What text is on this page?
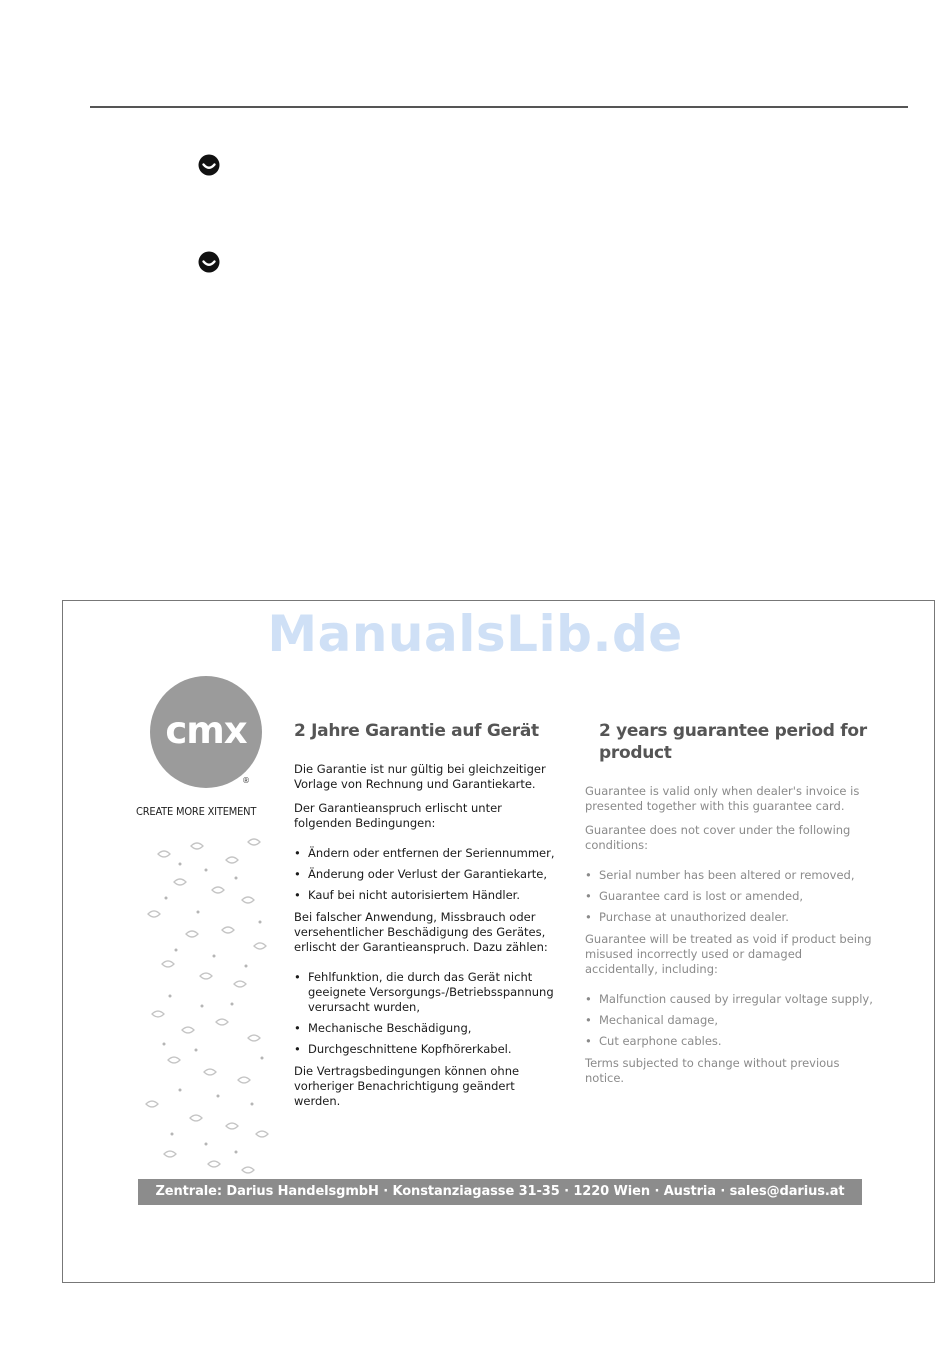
ManualsLib.de
cmx
®
CREATE MORE XITEMENT
2 Jahre Garantie auf Gerät

Die Garantie ist nur gültig bei gleichzeitiger Vorlage von Rechnung und Garantiekarte.

Der Garantieanspruch erlischt unter folgenden Bedingungen:

• Ändern oder entfernen der Seriennummer,
• Änderung oder Verlust der Garantiekarte,
• Kauf bei nicht autorisiertem Händler.

Bei falscher Anwendung, Missbrauch oder versehentlicher Beschädigung des Gerätes, erlischt der Garantieanspruch. Dazu zählen:

• Fehlfunktion, die durch das Gerät nicht geeignete Versorgungs-/Betriebsspannung verursacht wurden,
• Mechanische Beschädigung,
• Durchgeschnittene Kopfhörerkabel.

Die Vertragsbedingungen können ohne vorheriger Benachrichtigung geändert werden.

2 years guarantee period for product

Guarantee is valid only when dealer's invoice is presented together with this guarantee card.

Guarantee does not cover under the following conditions:

• Serial number has been altered or removed,
• Guarantee card is lost or amended,
• Purchase at unauthorized dealer.

Guarantee will be treated as void if product being misused incorrectly used or damaged accidentally, including:

• Malfunction caused by irregular voltage supply,
• Mechanical damage,
• Cut earphone cables.

Terms subjected to change without previous notice.

Zentrale: Darius HandelsgmbH · Konstanziagasse 31-35 · 1220 Wien · Austria · sales@darius.at
